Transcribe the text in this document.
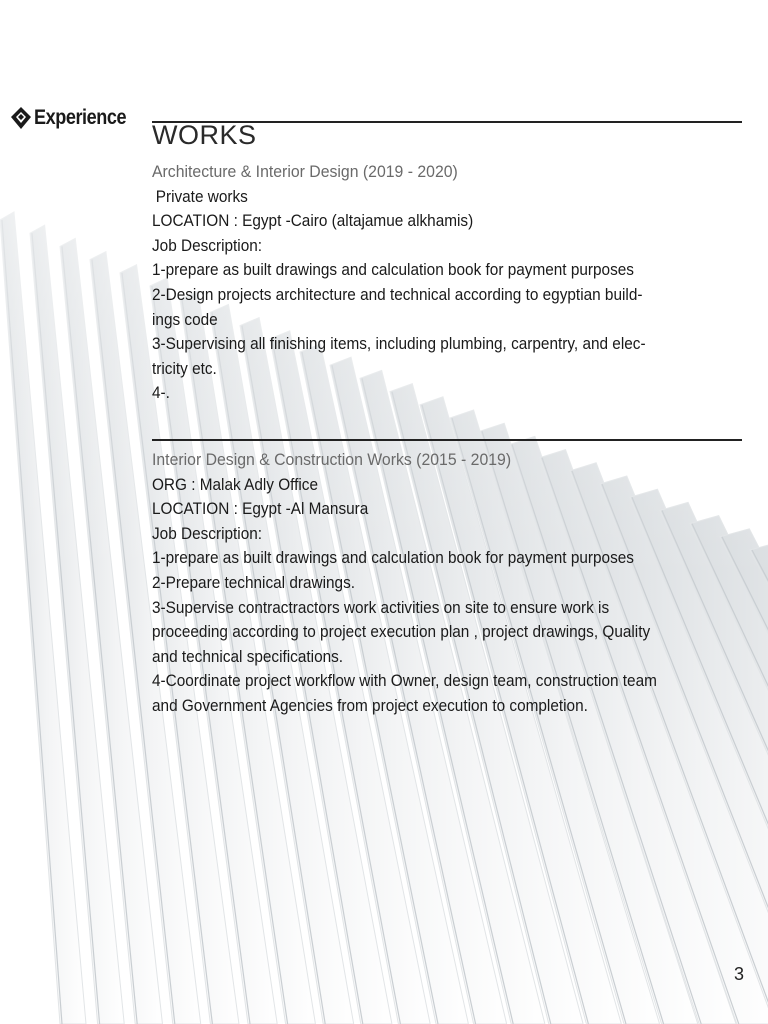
Experience
WORKS
Architecture & Interior Design (2019 - 2020)
Private works
LOCATION : Egypt -Cairo (altajamue alkhamis)
Job Description:
1-prepare as built drawings and calculation book for payment purposes
2-Design projects architecture and technical according to egyptian build-
ings code
3-Supervising all finishing items, including plumbing, carpentry, and elec-
tricity etc.
4-.
Interior Design & Construction Works (2015 - 2019)
ORG : Malak Adly Office
LOCATION : Egypt -Al Mansura
Job Description:
1-prepare as built drawings and calculation book for payment purposes
2-Prepare technical drawings.
3-Supervise contractractors work activities on site to ensure work is
proceeding according to project execution plan , project drawings, Quality
and technical specifications.
4-Coordinate project workflow with Owner, design team, construction team
and Government Agencies from project execution to completion.
3
